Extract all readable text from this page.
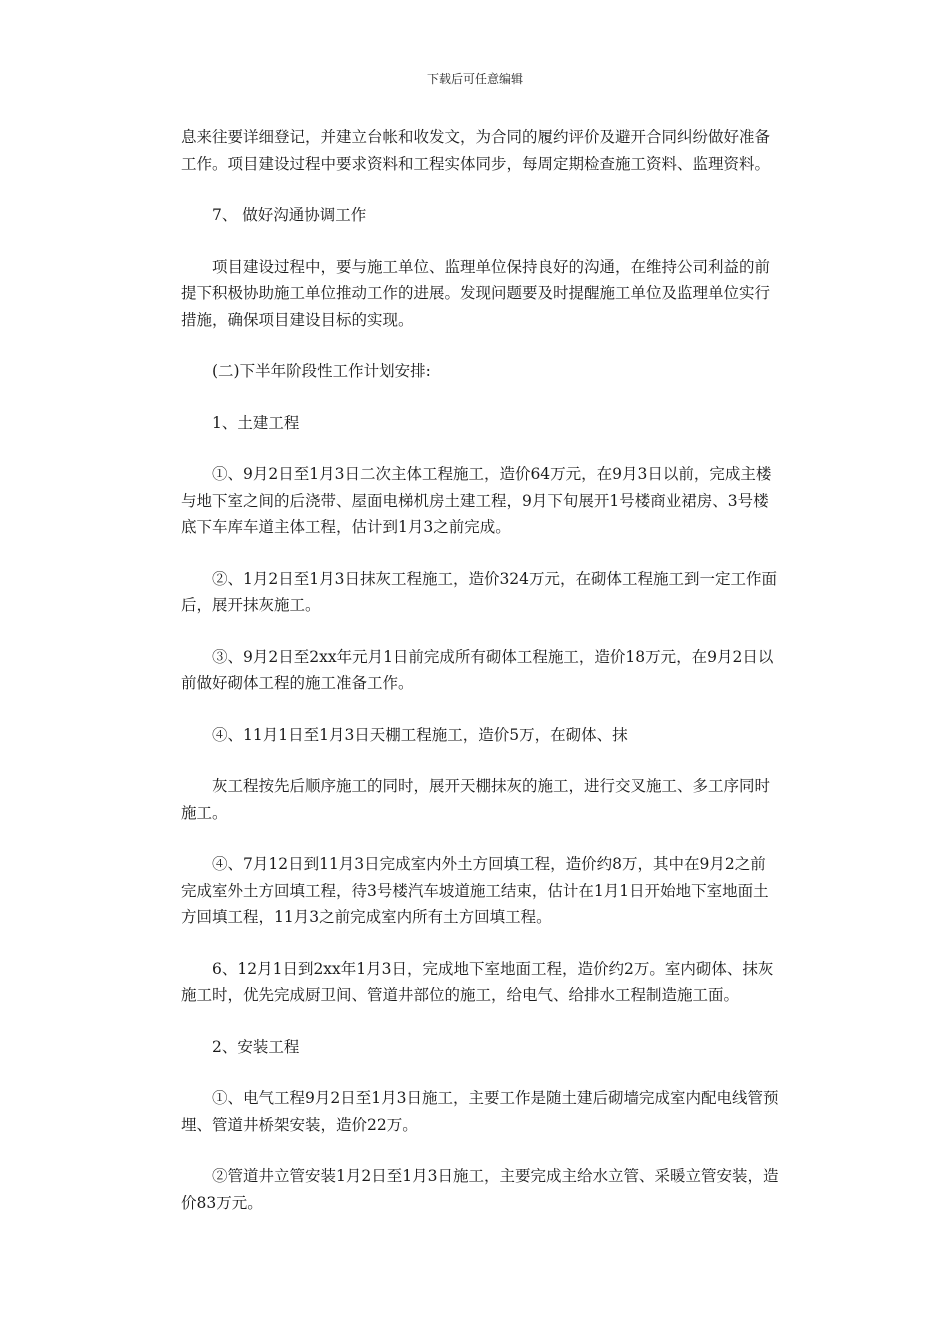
下载后可任意编辑

息来往要详细登记，并建立台帐和收发文，为合同的履约评价及避开合同纠纷做好准备工作。项目建设过程中要求资料和工程实体同步，每周定期检查施工资料、监理资料。

7、 做好沟通协调工作

项目建设过程中，要与施工单位、监理单位保持良好的沟通，在维持公司利益的前提下积极协助施工单位推动工作的进展。发现问题要及时提醒施工单位及监理单位实行措施，确保项目建设目标的实现。

(二)下半年阶段性工作计划安排:

1、土建工程

①、9月2日至1月3日二次主体工程施工，造价64万元，在9月3日以前，完成主楼与地下室之间的后浇带、屋面电梯机房土建工程，9月下旬展开1号楼商业裙房、3号楼底下车库车道主体工程，估计到1月3之前完成。

②、1月2日至1月3日抹灰工程施工，造价324万元，在砌体工程施工到一定工作面后，展开抹灰施工。

③、9月2日至2xx年元月1日前完成所有砌体工程施工，造价18万元，在9月2日以前做好砌体工程的施工准备工作。

④、11月1日至1月3日天棚工程施工，造价5万，在砌体、抹

灰工程按先后顺序施工的同时，展开天棚抹灰的施工，进行交叉施工、多工序同时施工。

④、7月12日到11月3日完成室内外土方回填工程，造价约8万，其中在9月2之前完成室外土方回填工程，待3号楼汽车坡道施工结束，估计在1月1日开始地下室地面土方回填工程，11月3之前完成室内所有土方回填工程。

6、12月1日到2xx年1月3日，完成地下室地面工程，造价约2万。室内砌体、抹灰施工时，优先完成厨卫间、管道井部位的施工，给电气、给排水工程制造施工面。

2、安装工程

①、电气工程9月2日至1月3日施工，主要工作是随土建后砌墙完成室内配电线管预埋、管道井桥架安装，造价22万。

②管道井立管安装1月2日至1月3日施工，主要完成主给水立管、采暖立管安装，造价83万元。
